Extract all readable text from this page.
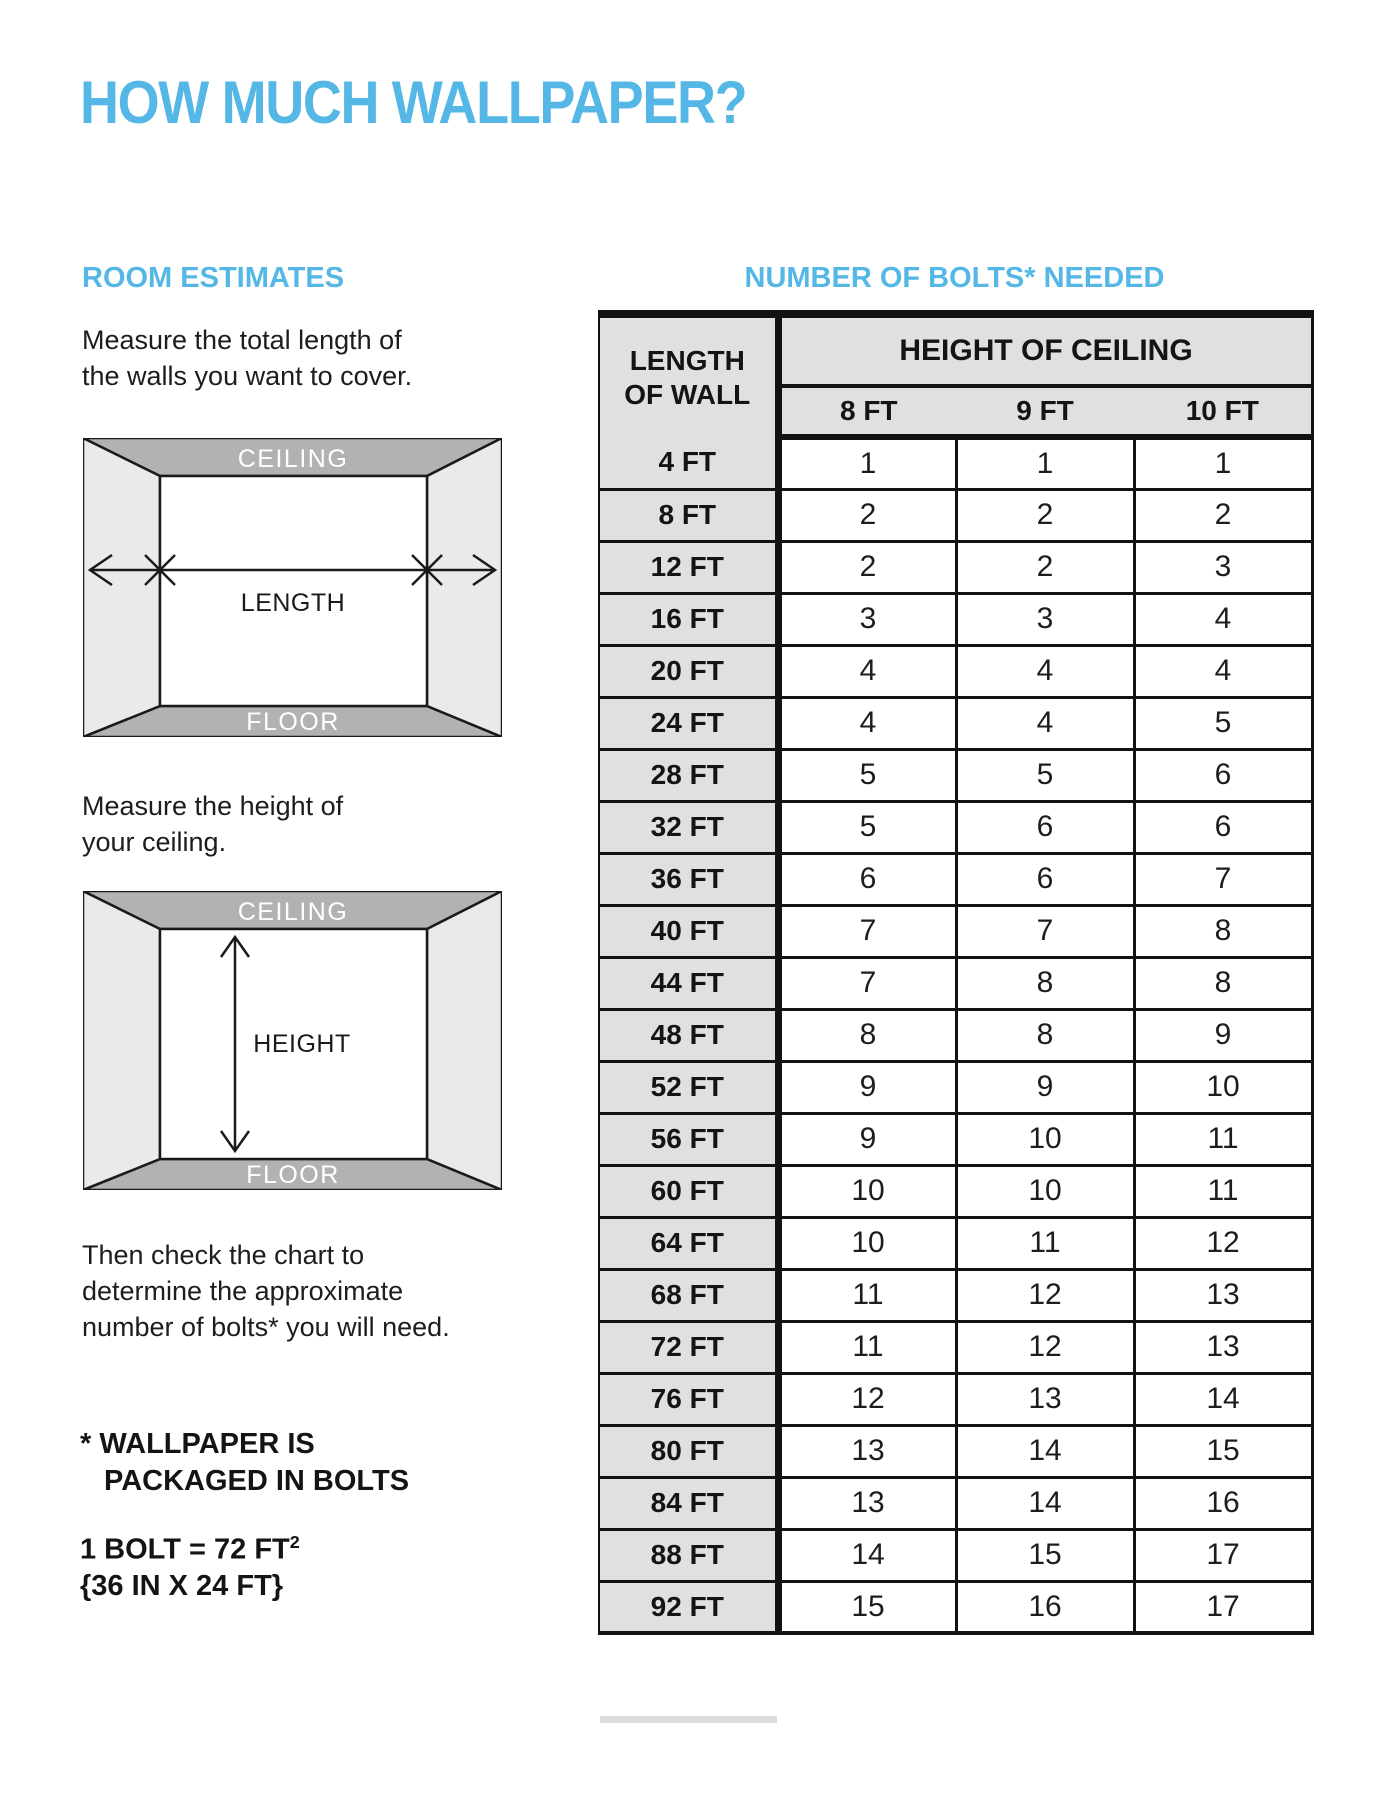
HOW MUCH WALLPAPER?
ROOM ESTIMATES

Measure the total length of
the walls you want to cover.

CEILING
FLOOR
LENGTH

Measure the height of
your ceiling.

CEILING
FLOOR
HEIGHT

Then check the chart to
determine the approximate
number of bolts* you will need.

* WALLPAPER IS
PACKAGED IN BOLTS
1 BOLT = 72 $FT^2$
{36 IN X 24 FT}
NUMBER OF BOLTS* NEEDED
LENGTH
OF WALL	HEIGHT OF CEILING		
	8 FT	9 FT	10 FT
4 FT	1	1	1
8 FT	2	2	2
12 FT	2	2	3
16 FT	3	3	4
20 FT	4	4	4
24 FT	4	4	5
28 FT	5	5	6
32 FT	5	6	6
36 FT	6	6	7
40 FT	7	7	8
44 FT	7	8	8
48 FT	8	8	9
52 FT	9	9	10
56 FT	9	10	11
60 FT	10	10	11
64 FT	10	11	12
68 FT	11	12	13
72 FT	11	12	13
76 FT	12	13	14
80 FT	13	14	15
84 FT	13	14	16
88 FT	14	15	17
92 FT	15	16	17
